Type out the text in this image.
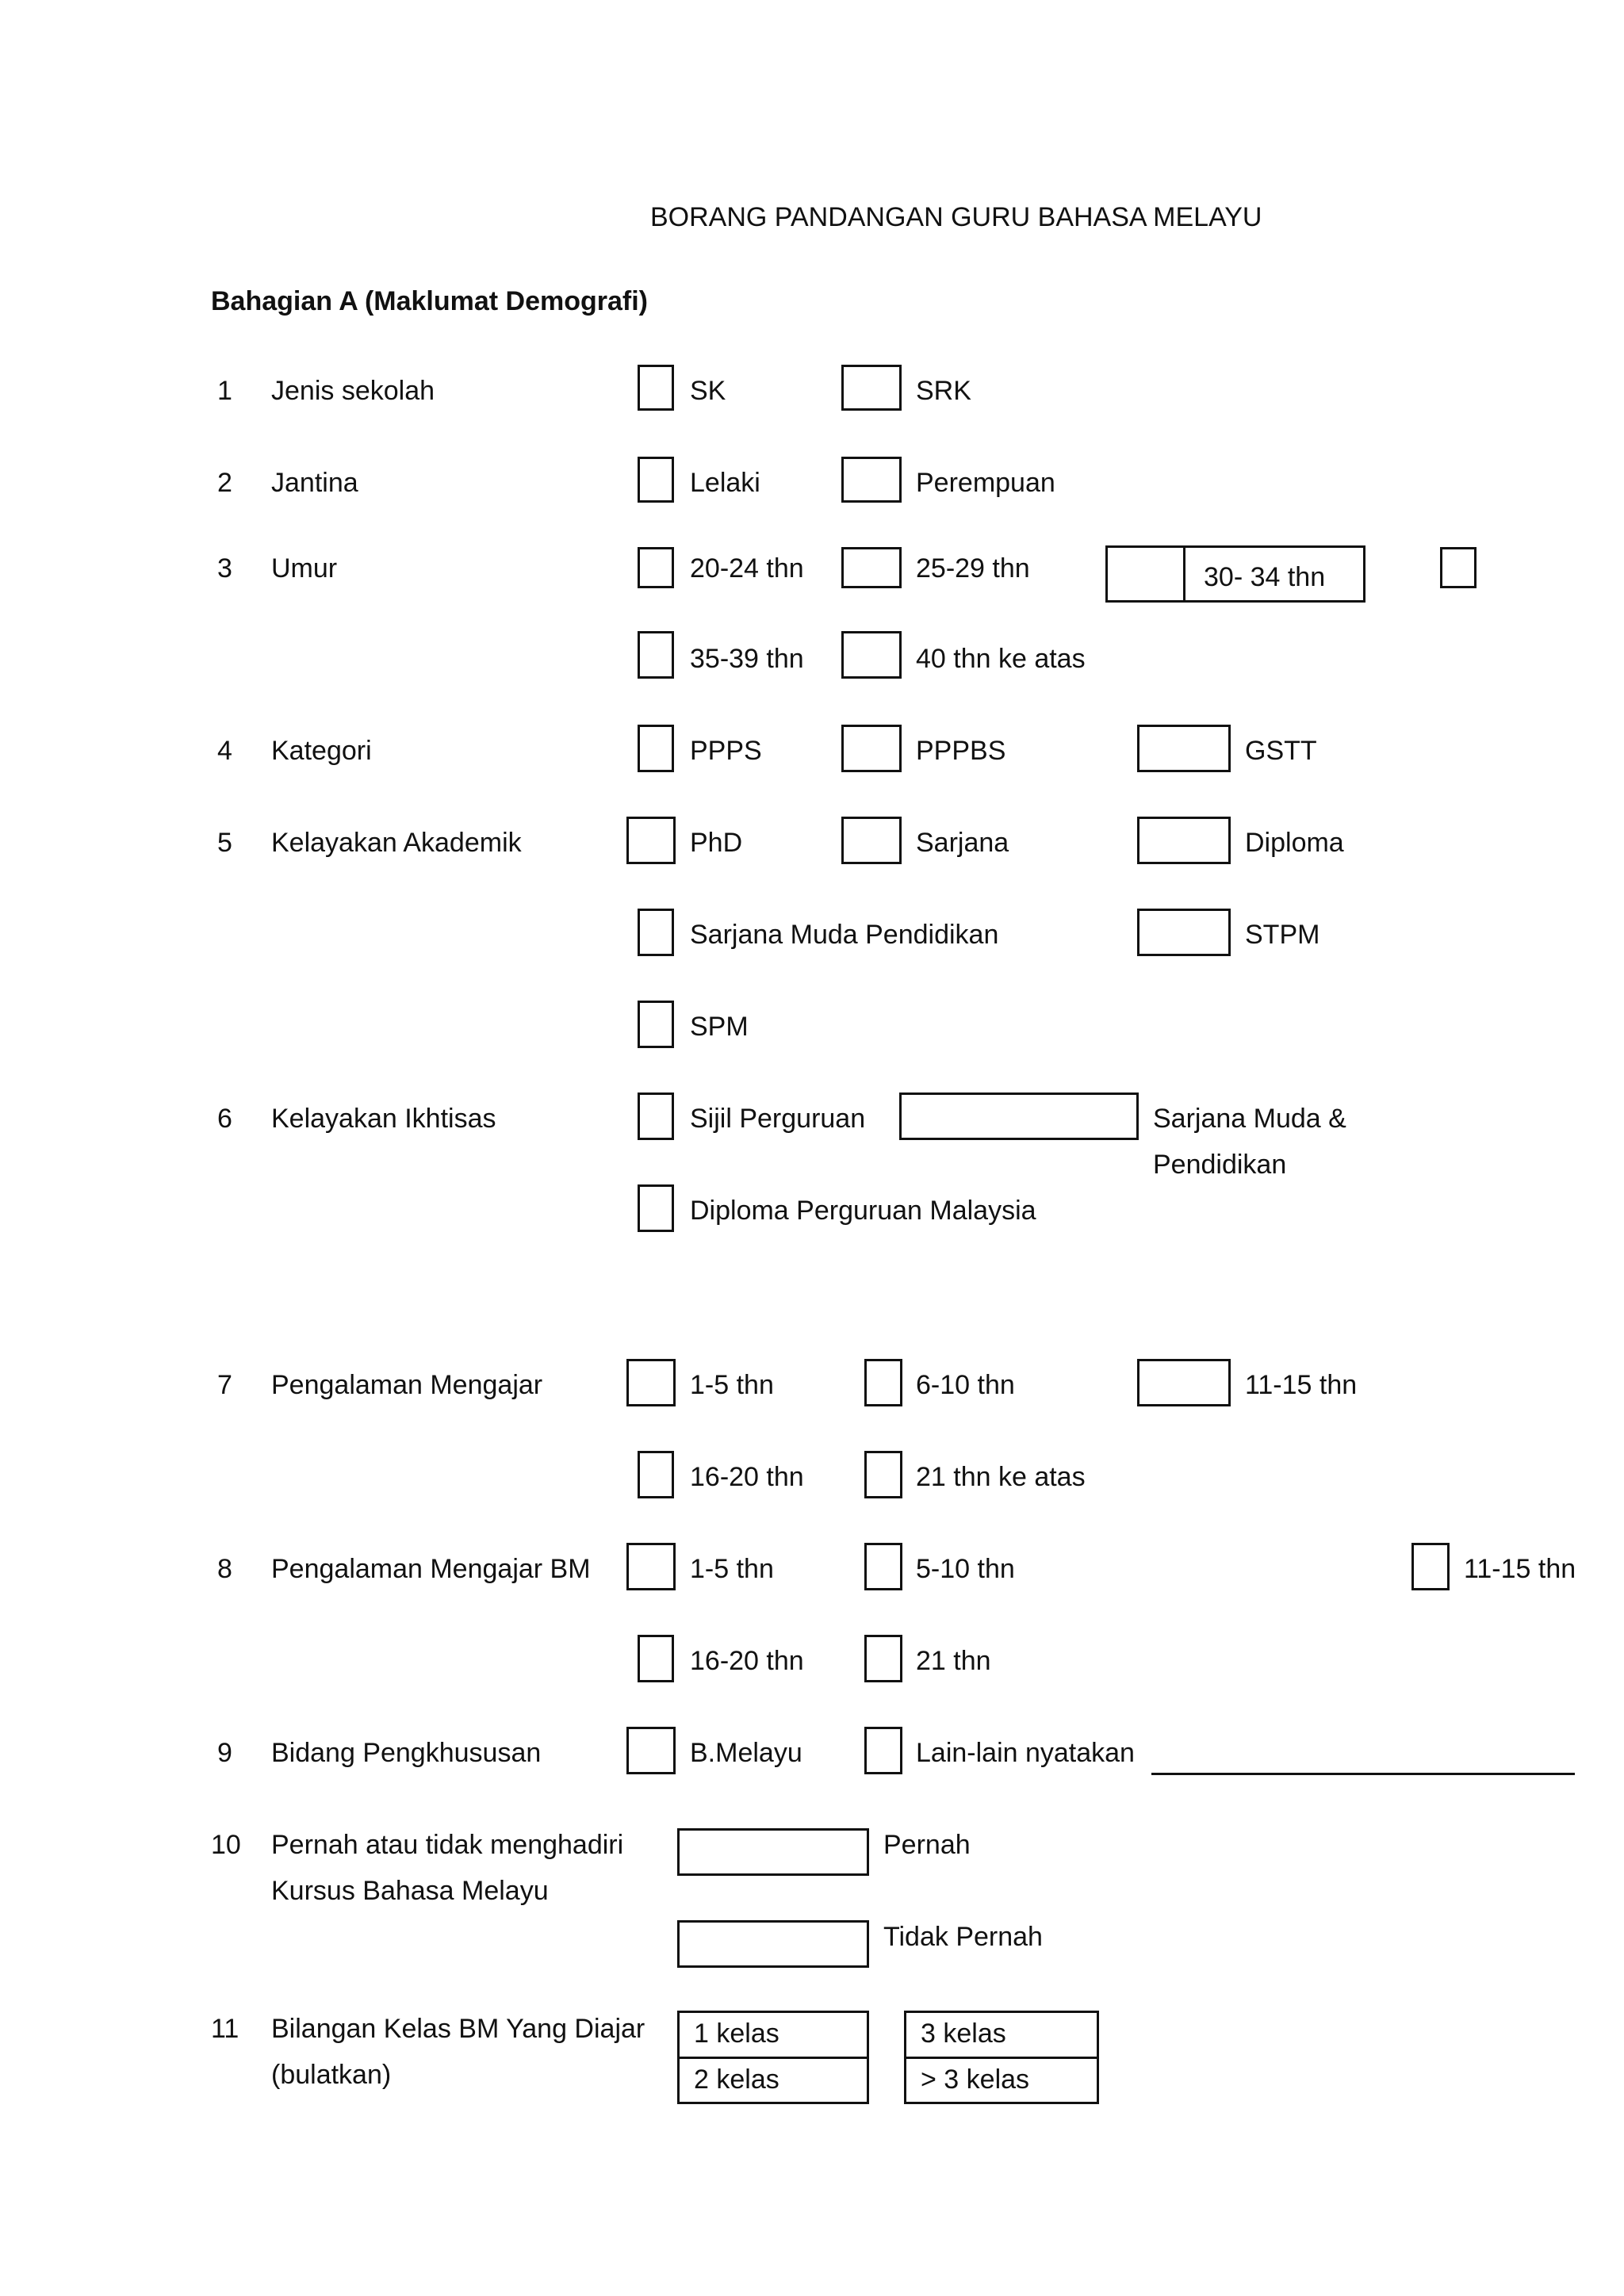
BORANG PANDANGAN GURU BAHASA MELAYU
Bahagian A (Maklumat Demografi)
1 Jenis sekolah	SK	SRK
2 Jantina	Lelaki	Perempuan
3 Umur	20-24 thn	25-29 thn	30- 34 thn
35-39 thn	40 thn ke atas
4 Kategori	PPPS	PPPBS	GSTT
5 Kelayakan Akademik	PhD	Sarjana	Diploma
Sarjana Muda Pendidikan	STPM
SPM
6 Kelayakan Ikhtisas	Sijil Perguruan	Sarjana Muda &
Pendidikan
Diploma Perguruan Malaysia
7 Pengalaman Mengajar	1-5 thn	6-10 thn	11-15 thn
16-20 thn	21 thn ke atas
8 Pengalaman Mengajar BM	1-5 thn	5-10 thn	11-15 thn
16-20 thn	21 thn
9 Bidang Pengkhususan	B.Melayu	Lain-lain nyatakan
10 Pernah atau tidak menghadiri
Kursus Bahasa Melayu
Pernah
Tidak Pernah
11 Bilangan Kelas BM Yang Diajar
(bulatkan)
1 kelas	3 kelas
2 kelas	> 3 kelas
